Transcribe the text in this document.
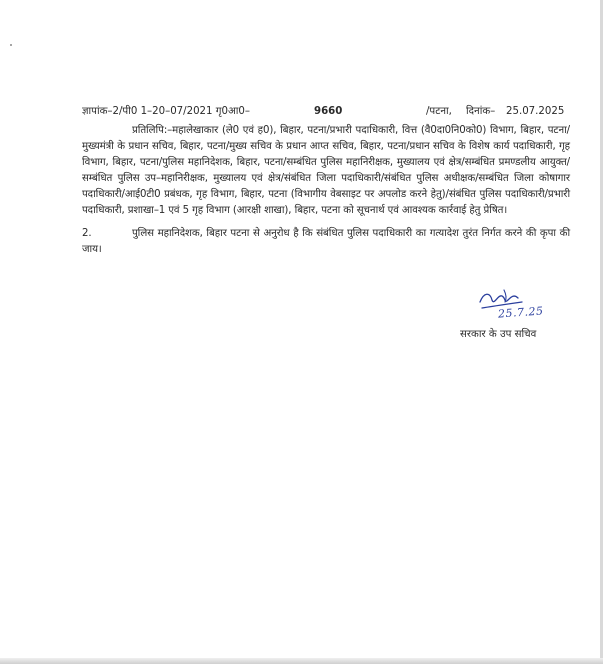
ज्ञापांक–2/पी0 1–20–07/2021 गृ0आ0–	9660	/पटना, दिनांक– 25.07.2025
प्रतिलिपि:–महालेखाकार (ले0 एवं ह0), बिहार, पटना/प्रभारी पदाधिकारी, वित्त (वै0दा0नि0को0) विभाग, बिहार, पटना/मुख्यमंत्री के प्रधान सचिव, बिहार, पटना/मुख्य सचिव के प्रधान आप्त सचिव, बिहार, पटना/प्रधान सचिव के विशेष कार्य पदाधिकारी, गृह विभाग, बिहार, पटना/पुलिस महानिदेशक, बिहार, पटना/सम्बंधित पुलिस महानिरीक्षक, मुख्यालय एवं क्षेत्र/सम्बंधित प्रमण्डलीय आयुक्त/सम्बंधित पुलिस उप–महानिरीक्षक, मुख्यालय एवं क्षेत्र/संबंधित जिला पदाधिकारी/संबंधित पुलिस अधीक्षक/सम्बंधित जिला कोषागार पदाधिकारी/आई0टी0 प्रबंधक, गृह विभाग, बिहार, पटना (विभागीय वेबसाइट पर अपलोड करने हेतु)/संबंधित पुलिस पदाधिकारी/प्रभारी पदाधिकारी, प्रशाखा–1 एवं 5 गृह विभाग (आरक्षी शाखा), बिहार, पटना को सूचनार्थ एवं आवश्यक कार्रवाई हेतु प्रेषित।
2.	पुलिस महानिदेशक, बिहार पटना से अनुरोध है कि संबंधित पुलिस पदाधिकारी का गत्यादेश तुरंत निर्गत करने की कृपा की जाय।
25.7.25
सरकार के उप सचिव
